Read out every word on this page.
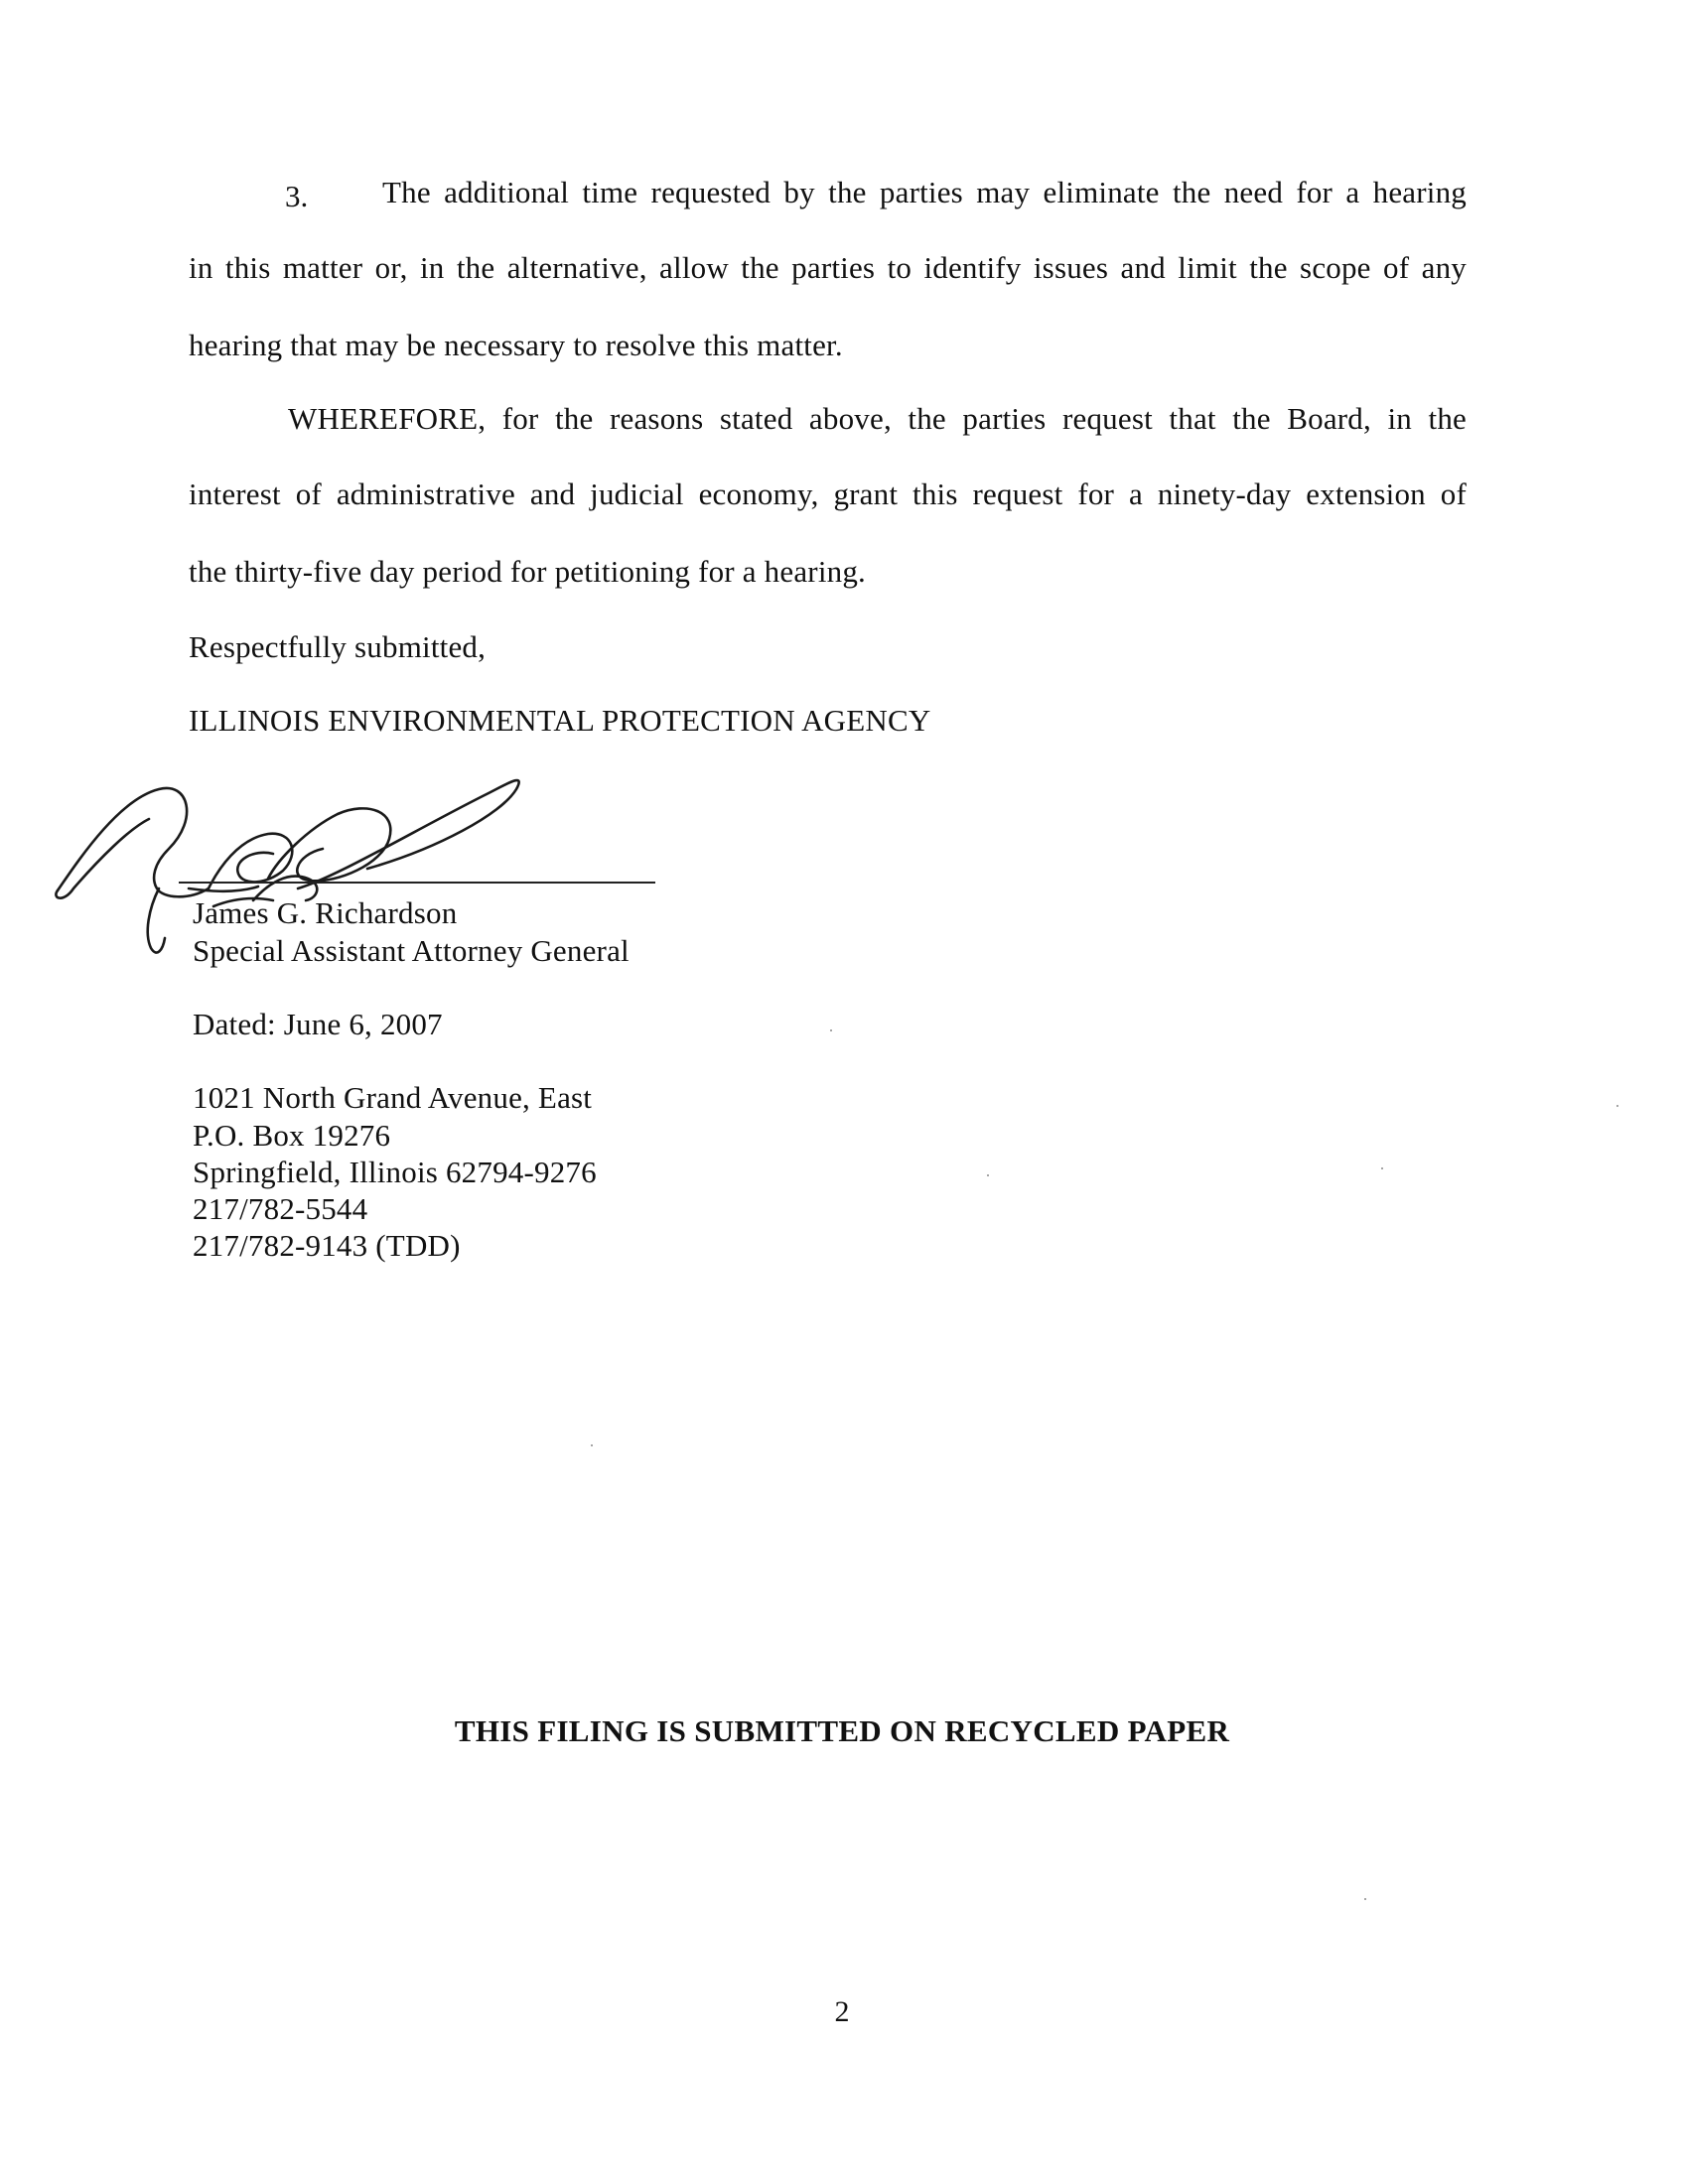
3. The additional time requested by the parties may eliminate the need for a hearing
in this matter or, in the alternative, allow the parties to identify issues and limit the scope of any
hearing that may be necessary to resolve this matter.
WHEREFORE, for the reasons stated above, the parties request that the Board, in the
interest of administrative and judicial economy, grant this request for a ninety-day extension of
the thirty-five day period for petitioning for a hearing.
Respectfully submitted,
ILLINOIS ENVIRONMENTAL PROTECTION AGENCY
James G. Richardson
Special Assistant Attorney General
Dated: June 6, 2007
1021 North Grand Avenue, East
P.O. Box 19276
Springfield, Illinois 62794-9276
217/782-5544
217/782-9143 (TDD)
THIS FILING IS SUBMITTED ON RECYCLED PAPER
2
